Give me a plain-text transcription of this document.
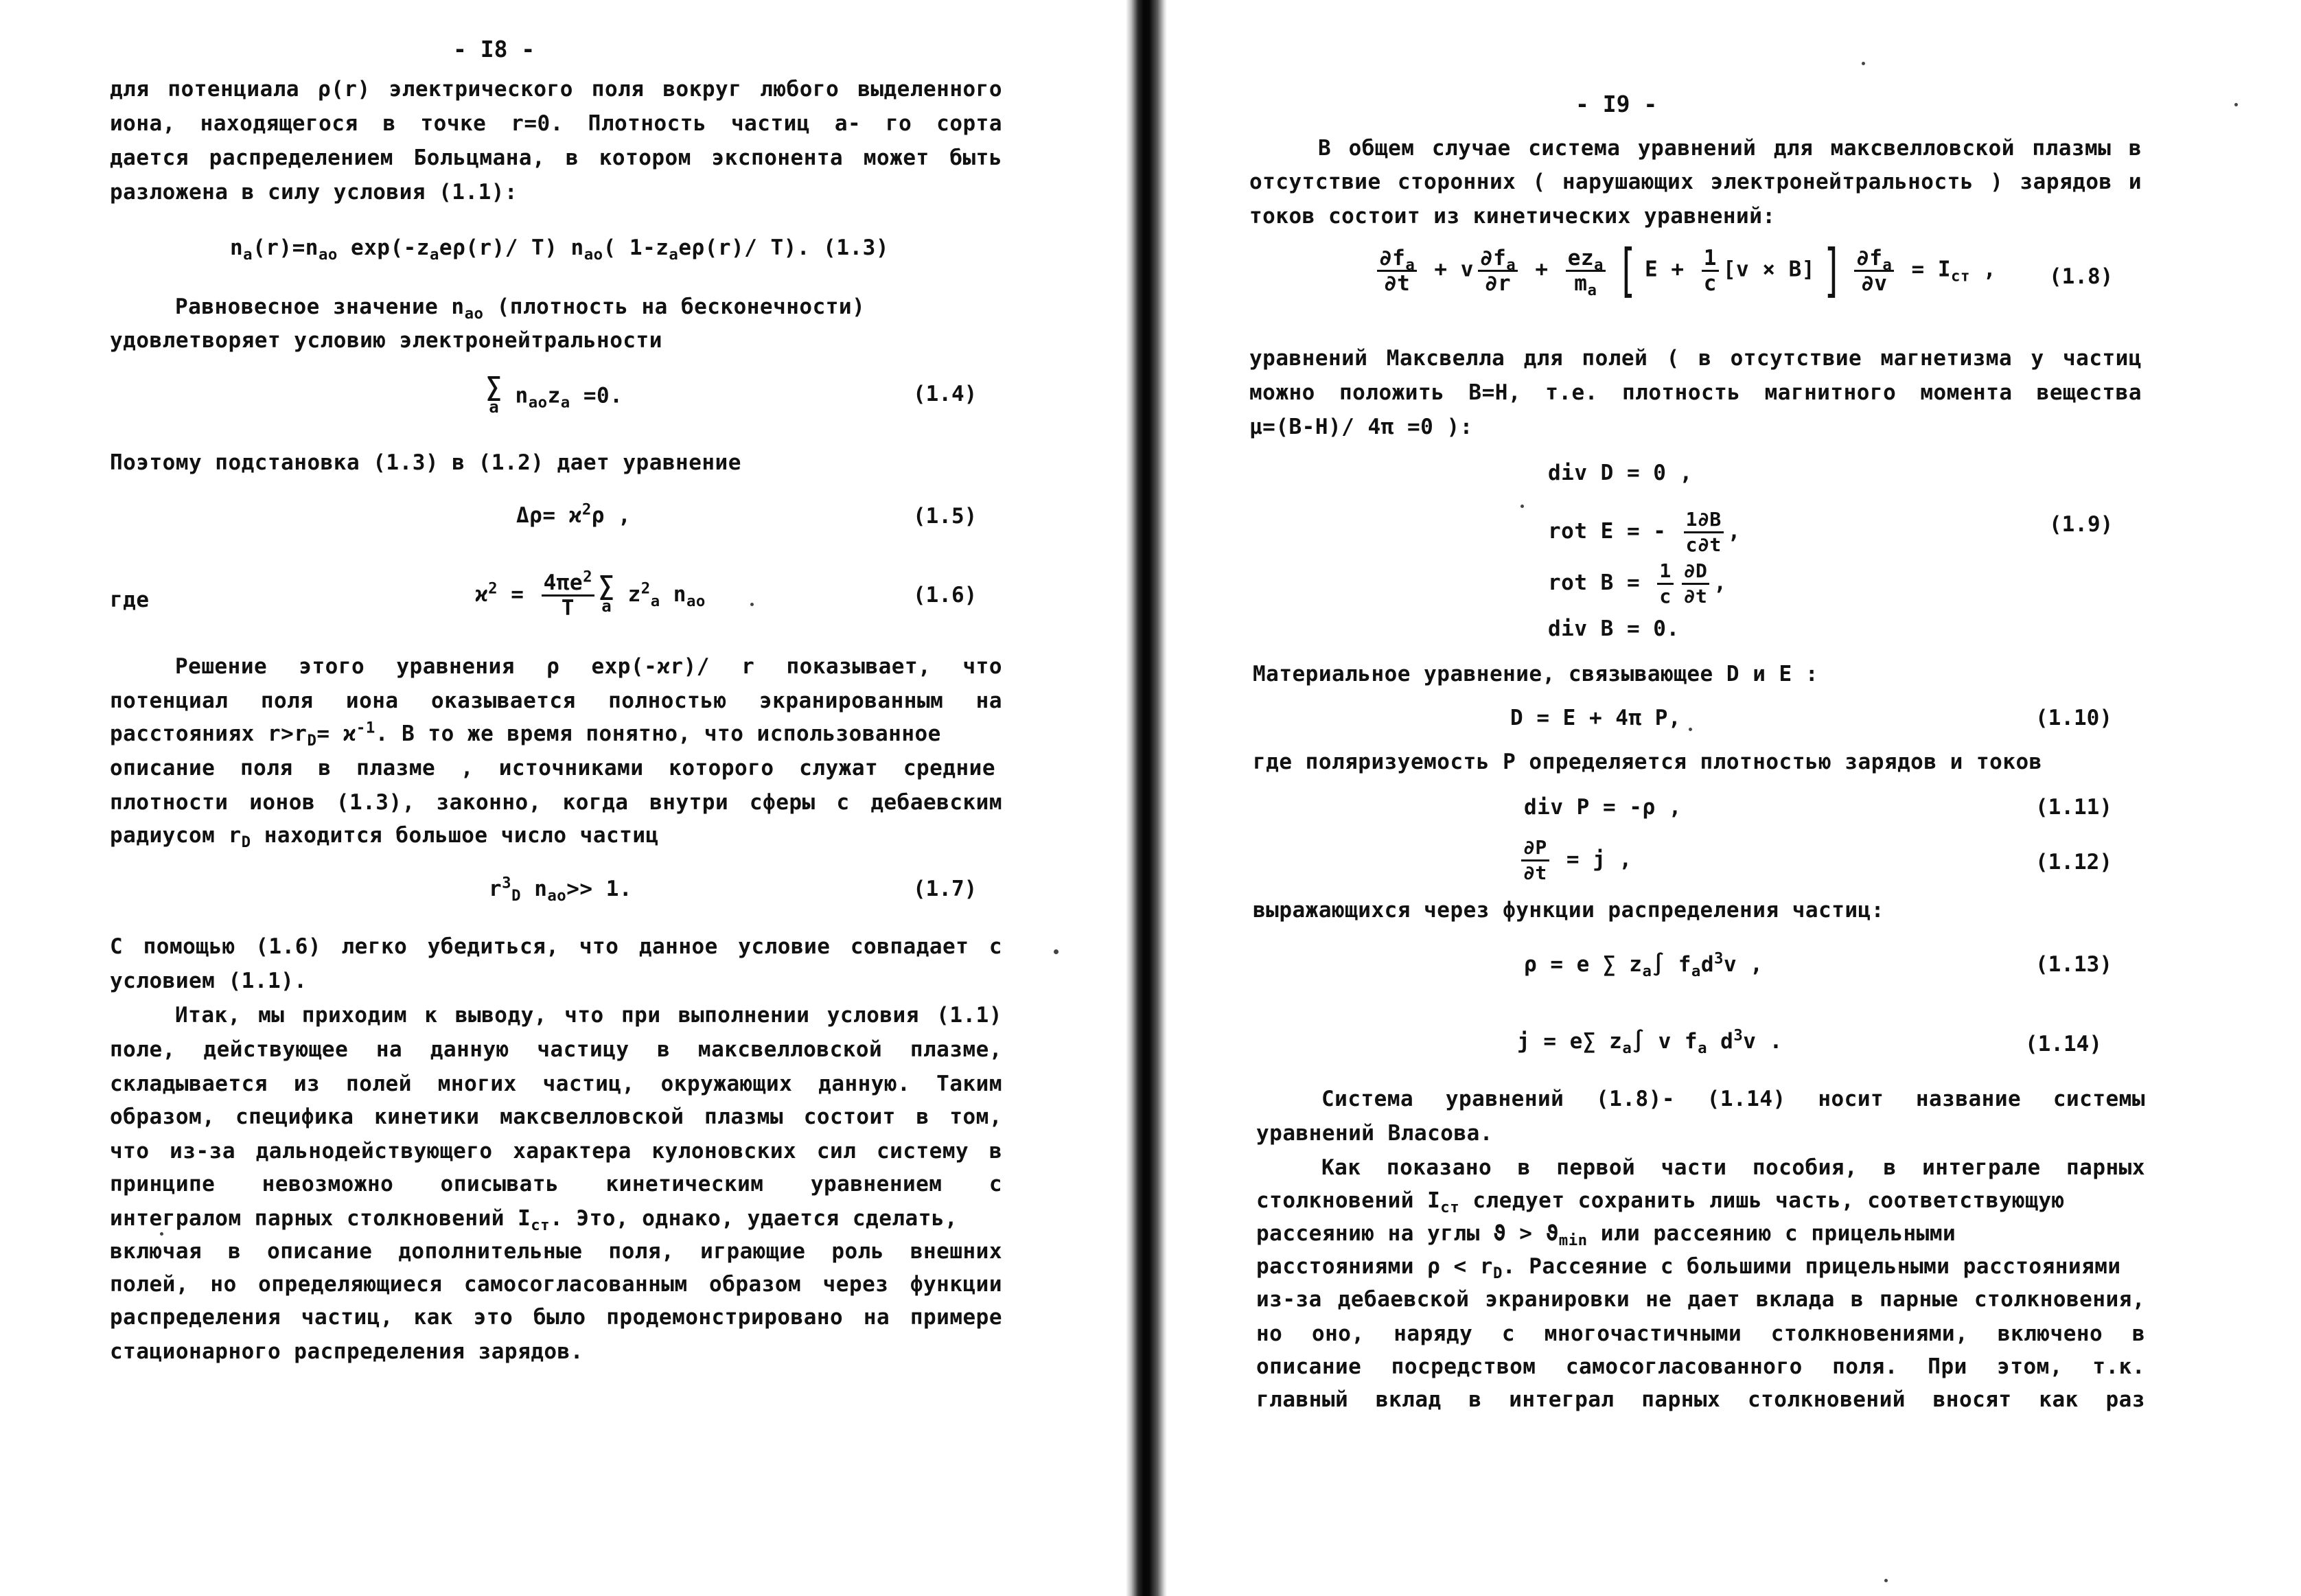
- I8 -
для потенциала ρ(r) электрического поля вокруг любого выделенного
иона, находящегося в точке r=0. Плотность частиц a- го сорта
дается распределением Больцмана, в котором экспонента может быть
разложена в силу условия (1.1):
$n_a(r)=n_{ao}$ $\exp(-z_ae\rho(r)/$ T) $n_{ao}$( $1-z_ae\rho(r)/$ T). (1.3)
Равновесное значение $n_{ao}$ (плотность на бесконечности)
удовлетворяет условию электронейтральности
∑
a $n_{ao}z_a =0$.	(1.4)
Поэтому подстановка (1.3) в (1.2) дает уравнение
$\Delta\rho= ϰ^2\rho$ ,	(1.5)
где	$ϰ^2 = \frac{4\pi e^2}{T}$ ∑
a $z^2_a$ $n_{ao}$	(1.6)
Решение этого уравнения ρ exp(-ϰr)/ r показывает, что
потенциал поля иона оказывается полностью экранированным на
расстояниях $r>r_D= ϰ^{-1}$. В то же время понятно, что использованное
описание поля в плазме , источниками которого служат средние
плотности ионов (1.3), законно, когда внутри сферы с дебаевским
радиусом $r_D$ находится большое число частиц
$r^3_D$ $n_{ao}>> 1$.	(1.7)
С помощью (1.6) легко убедиться, что данное условие совпадает с
условием (1.1).
Итак, мы приходим к выводу, что при выполнении условия (1.1)
поле, действующее на данную частицу в максвелловской плазме,
складывается из полей многих частиц, окружающих данную. Таким
образом, специфика кинетики максвелловской плазмы состоит в том,
что из-за дальнодействующего характера кулоновских сил систему в
принципе невозможно описывать кинетическим уравнением с
интегралом парных столкновений $I_{ст}$. Это, однако, удается сделать,
включая в описание дополнительные поля, играющие роль внешних
полей, но определяющиеся самосогласованным образом через функции
распределения частиц, как это было продемонстрировано на примере
стационарного распределения зарядов.
- I9 -
В общем случае система уравнений для максвелловской плазмы в
отсутствие сторонних ( нарушающих электронейтральность ) зарядов и
токов состоит из кинетических уравнений:
$\frac{\partial f_a}{\partial t} + v \frac{\partial f_a}{\partial r} + \frac{ez_a}{m_a}$ [ $E + \frac{1}{c} [v \times B]$ ] $\frac{\partial f_a}{\partial v} = I_{ст}$ , (1.8)
уравнений Максвелла для полей ( в отсутствие магнетизма у частиц
можно положить B=H, т.е. плотность магнитного момента вещества
μ=(B-H)/ 4π =0 ):
div D = 0 ,
rot E = - $\frac{1\partial B}{c\partial t}$ ,
rot $B = \frac{1}{c} \frac{\partial D}{\partial t}$ ,
div B = 0.
(1.9)
Материальное уравнение, связывающее D и E :
D = E + 4π P,	(1.10)
где поляризуемость P определяется плотностью зарядов и токов
div P = -ρ ,	(1.11)
$\frac{\partial P}{\partial t} = j$ ,	(1.12)
выражающихся через функции распределения частиц:
ρ = e ∑ $z_a\int$ $f_ad^3v$ ,	(1.13)
j = e∑ $z_a\int$ v $f_a$ $d^3v$ .	(1.14)
Система уравнений (1.8)- (1.14) носит название системы
уравнений Власова.
Как показано в первой части пособия, в интеграле парных
столкновений $I_{ст}$ следует сохранить лишь часть, соответствующую
рассеянию на углы $ϑ > ϑ_{min}$ или рассеянию с прицельными
расстояниями $\rho < r_D$. Рассеяние с большими прицельными расстояниями
из-за дебаевской экранировки не дает вклада в парные столкновения,
но оно, наряду с многочастичными столкновениями, включено в
описание посредством самосогласованного поля. При этом, т.к.
главный вклад в интеграл парных столкновений вносят как раз
